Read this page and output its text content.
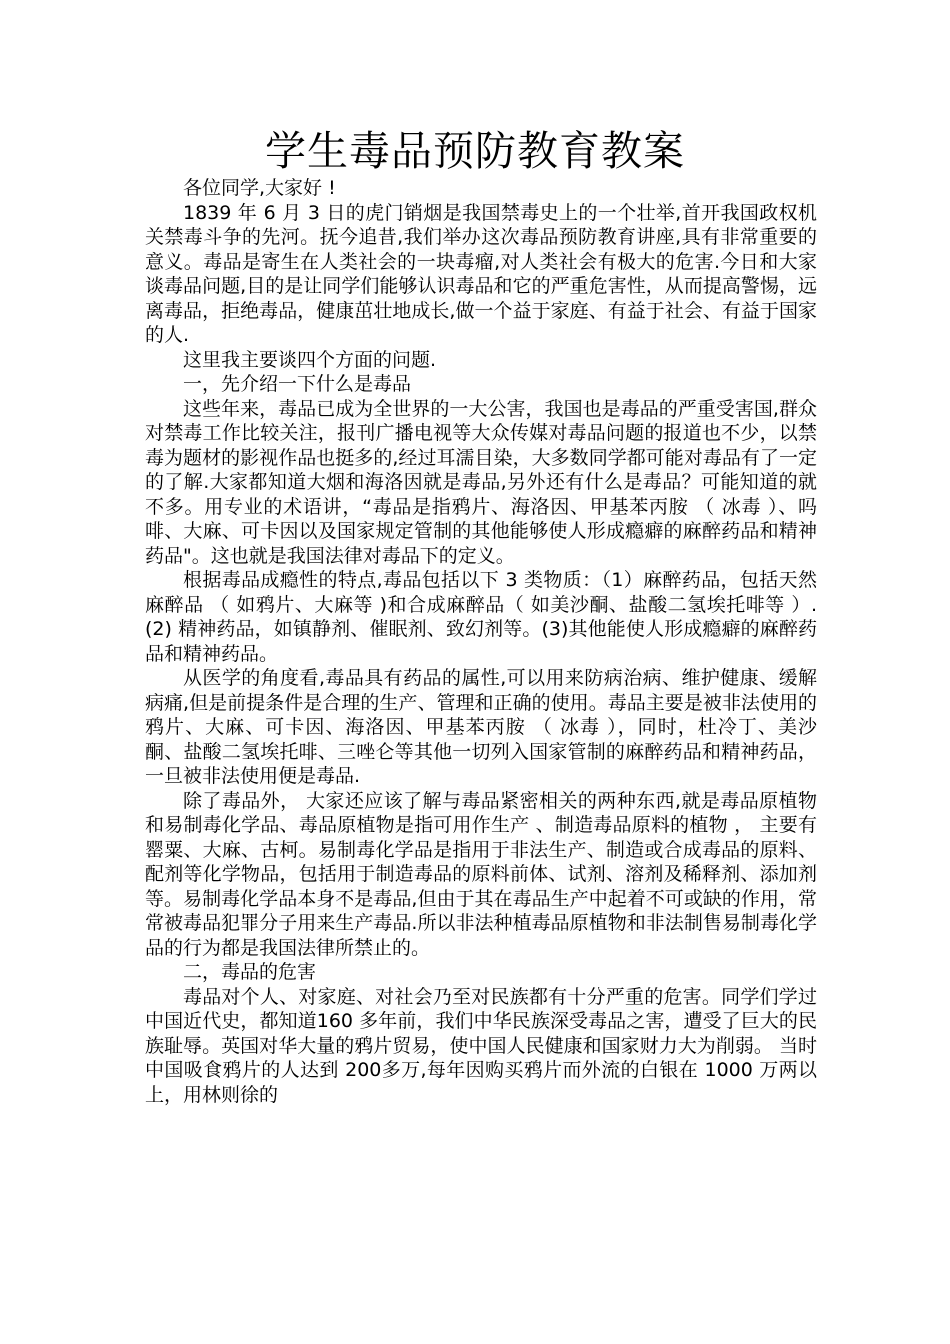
学生毒品预防教育教案

各位同学,大家好 !

1839 年 6 月 3 日的虎门销烟是我国禁毒史上的一个壮举,首开我国政权机关禁毒斗争的先河。抚今追昔,我们举办这次毒品预防教育讲座,具有非常重要的意义。毒品是寄生在人类社会的一块毒瘤,对人类社会有极大的危害.今日和大家谈毒品问题,目的是让同学们能够认识毒品和它的严重危害性，从而提高警惕，远离毒品，拒绝毒品，健康茁壮地成长,做一个益于家庭、有益于社会、有益于国家的人.

这里我主要谈四个方面的问题.

一，先介绍一下什么是毒品

这些年来，毒品已成为全世界的一大公害，我国也是毒品的严重受害国,群众对禁毒工作比较关注，报刊广播电视等大众传媒对毒品问题的报道也不少，以禁毒为题材的影视作品也挺多的,经过耳濡目染，大多数同学都可能对毒品有了一定的了解.大家都知道大烟和海洛因就是毒品,另外还有什么是毒品？可能知道的就不多。用专业的术语讲，“毒品是指鸦片、海洛因、甲基苯丙胺 （ 冰毒 ）、吗啡、大麻、可卡因以及国家规定管制的其他能够使人形成瘾癖的麻醉药品和精神药品"。这也就是我国法律对毒品下的定义。

根据毒品成瘾性的特点,毒品包括以下 3 类物质：（1）麻醉药品，包括天然麻醉品 （ 如鸦片、大麻等 )和合成麻醉品（ 如美沙酮、盐酸二氢埃托啡等 ）. (2) 精神药品，如镇静剂、催眠剂、致幻剂等。(3)其他能使人形成瘾癖的麻醉药品和精神药品。

从医学的角度看,毒品具有药品的属性,可以用来防病治病、维护健康、缓解病痛,但是前提条件是合理的生产、管理和正确的使用。毒品主要是被非法使用的鸦片、大麻、可卡因、海洛因、甲基苯丙胺 （ 冰毒 ），同时，杜冷丁、美沙酮、盐酸二氢埃托啡、三唑仑等其他一切列入国家管制的麻醉药品和精神药品，一旦被非法使用便是毒品.

除了毒品外， 大家还应该了解与毒品紧密相关的两种东西,就是毒品原植物和易制毒化学品、毒品原植物是指可用作生产 、制造毒品原料的植物 ， 主要有罂粟、大麻、古柯。易制毒化学品是指用于非法生产、制造或合成毒品的原料、配剂等化学物品，包括用于制造毒品的原料前体、试剂、溶剂及稀释剂、添加剂等。易制毒化学品本身不是毒品,但由于其在毒品生产中起着不可或缺的作用，常常被毒品犯罪分子用来生产毒品.所以非法种植毒品原植物和非法制售易制毒化学品的行为都是我国法律所禁止的。

二，毒品的危害

毒品对个人、对家庭、对社会乃至对民族都有十分严重的危害。同学们学过中国近代史，都知道160 多年前，我们中华民族深受毒品之害，遭受了巨大的民族耻辱。英国对华大量的鸦片贸易，使中国人民健康和国家财力大为削弱。 当时中国吸食鸦片的人达到 200多万,每年因购买鸦片而外流的白银在 1000 万两以上，用林则徐的
